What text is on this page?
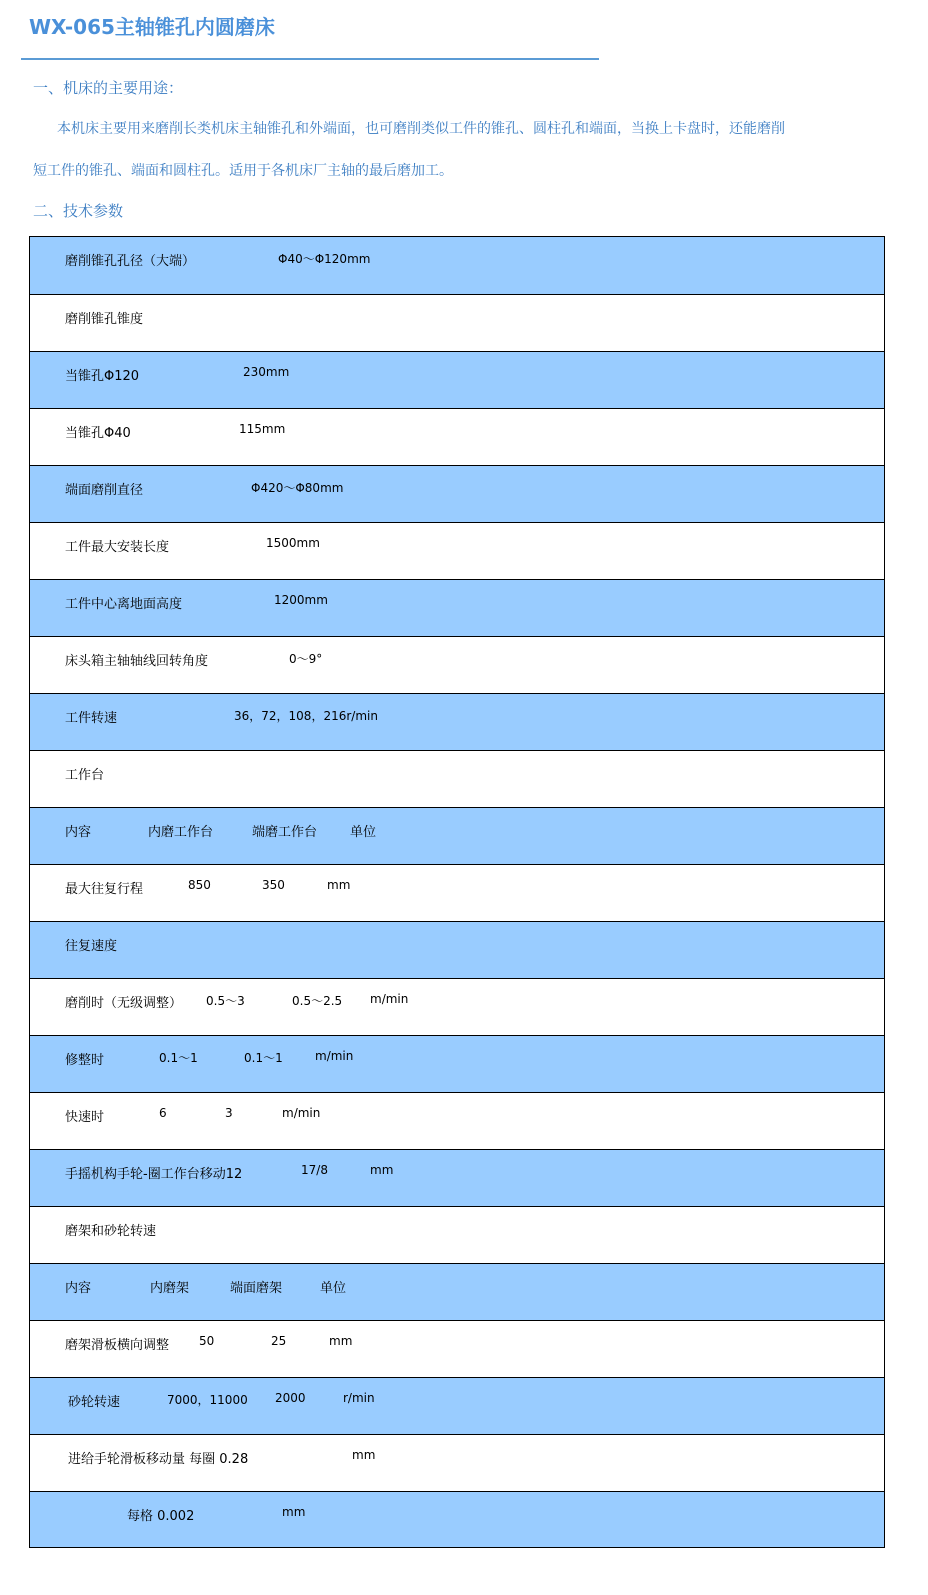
WX-065主轴锥孔内圆磨床
一、机床的主要用途：
本机床主要用来磨削长类机床主轴锥孔和外端面，也可磨削类似工件的锥孔、圆柱孔和端面，当换上卡盘时，还能磨削
短工件的锥孔、端面和圆柱孔。适用于各机床厂主轴的最后磨加工。
二、技术参数
磨削锥孔孔径（大端）	Φ40～Φ120mm
磨削锥孔锥度
当锥孔Φ120	230mm
当锥孔Φ40	115mm
端面磨削直径	Φ420～Φ80mm
工件最大安装长度	1500mm
工件中心离地面高度	1200mm
床头箱主轴轴线回转角度	0～9°
工件转速	36，72，108，216r/min
工作台
内容	内磨工作台	端磨工作台	单位
最大往复行程	850	350	mm
往复速度
磨削时（无级调整） 0.5～3	0.5～2.5 m/min
修整时	0.1～1	0.1～1	m/min
快速时	6	3	m/min
手摇机构手轮-圈工作台移动12	17/8	mm
磨架和砂轮转速
内容	内磨架	端面磨架	单位
磨架滑板横向调整 50	25	mm
砂轮转速	7000，11000 2000	r/min
进给手轮滑板移动量 每圈 0.28	mm
每格 0.002	mm
